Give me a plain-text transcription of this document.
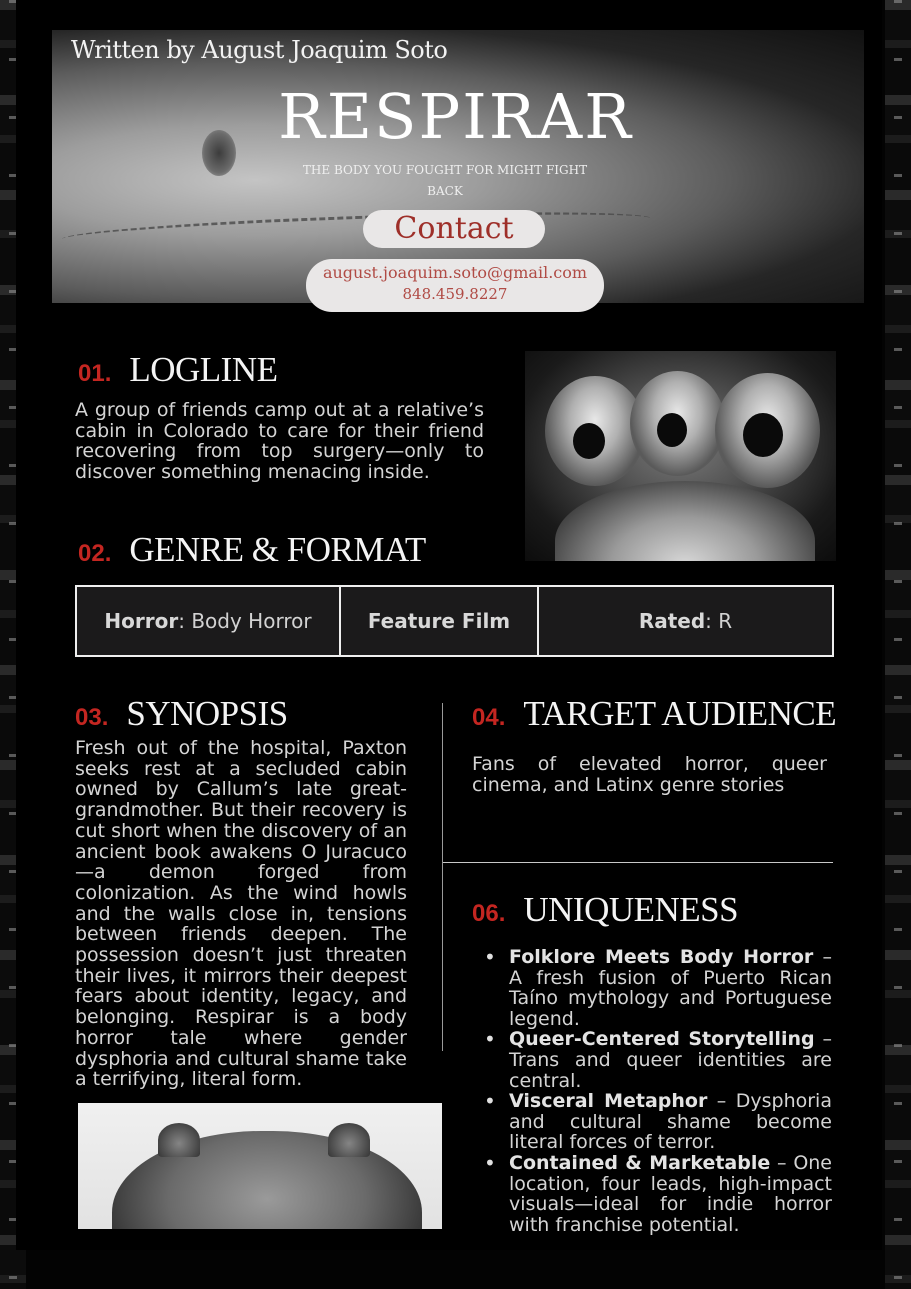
Written by August Joaquim Soto
RESPIRAR
THE BODY YOU FOUGHT FOR MIGHT FIGHT BACK
Contact
august.joaquim.soto@gmail.com
848.459.8227
01. LOGLINE
A group of friends camp out at a relative’s cabin in Colorado to care for their friend recovering from top surgery—only to discover something menacing inside.
02. GENRE & FORMAT
Horror : Body Horror	Feature Film	Rated : R
03. SYNOPSIS
Fresh out of the hospital, Paxton seeks rest at a secluded cabin owned by Callum’s late great-grandmother. But their recovery is cut short when the discovery of an ancient book awakens O Juracuco—a demon forged from colonization. As the wind howls and the walls close in, tensions between friends deepen. The possession doesn’t just threaten their lives, it mirrors their deepest fears about identity, legacy, and belonging. Respirar is a body horror tale where gender dysphoria and cultural shame take a terrifying, literal form.
04. TARGET AUDIENCE
Fans of elevated horror, queer cinema, and Latinx genre stories
06. UNIQUENESS
• Folklore Meets Body Horror – A fresh fusion of Puerto Rican Taíno mythology and Portuguese legend.
• Queer-Centered Storytelling – Trans and queer identities are central.
• Visceral Metaphor – Dysphoria and cultural shame become literal forces of terror.
• Contained & Marketable – One location, four leads, high-impact visuals—ideal for indie horror with franchise potential.
